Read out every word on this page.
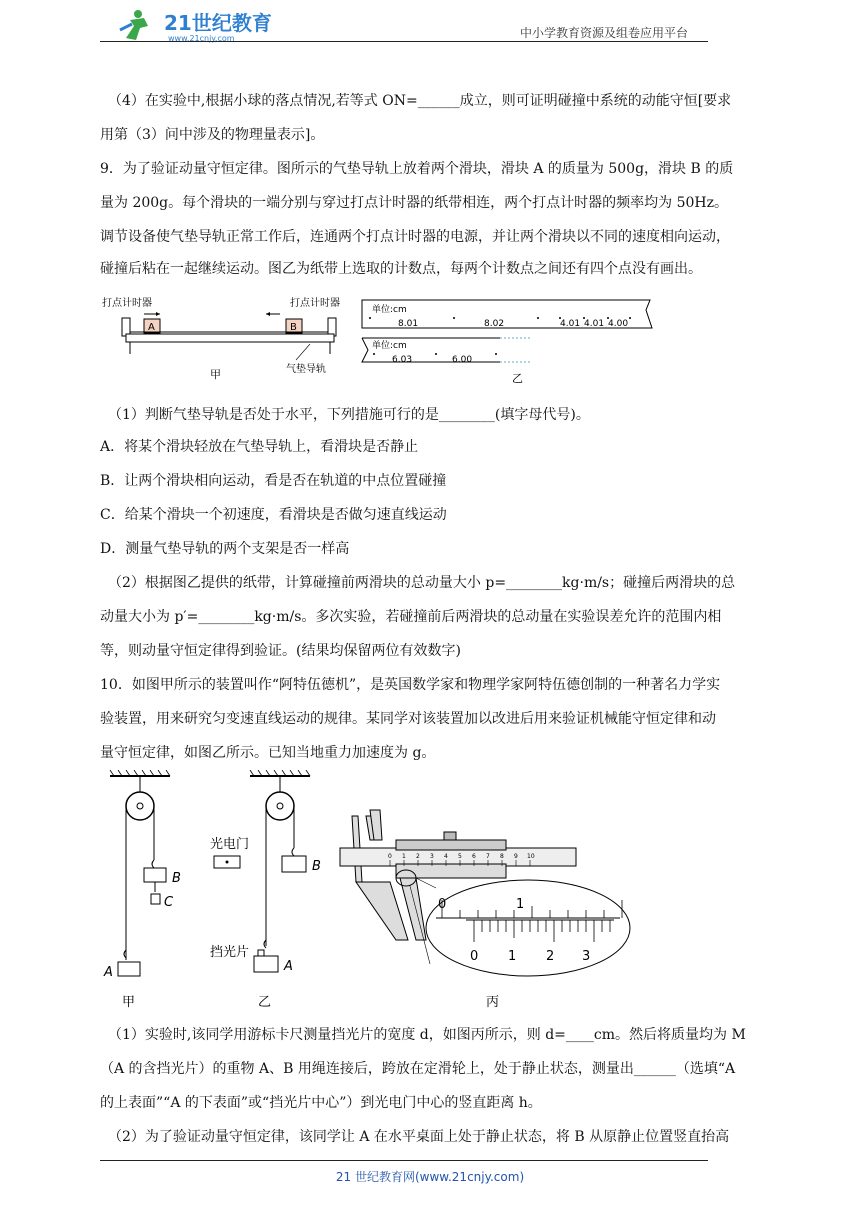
21世纪教育
www.21cnjy.com	中小学教育资源及组卷应用平台
（4）在实验中,根据小球的落点情况,若等式 ON=______成立，则可证明碰撞中系统的动能守恒[要求
用第（3）问中涉及的物理量表示]。
9．为了验证动量守恒定律。图所示的气垫导轨上放着两个滑块，滑块 A 的质量为 500g，滑块 B 的质
量为 200g。每个滑块的一端分别与穿过打点计时器的纸带相连，两个打点计时器的频率均为 50Hz。
调节设备使气垫导轨正常工作后，连通两个打点计时器的电源，并让两个滑块以不同的速度相向运动，
碰撞后粘在一起继续运动。图乙为纸带上选取的计数点，每两个计数点之间还有四个点没有画出。
打点计时器	打点计时器
A	B
气垫导轨
甲
单位:cm
8.01	8.02	4.01 4.01 4.00
单位:cm
6.03	6.00
乙
（1）判断气垫导轨是否处于水平，下列措施可行的是________(填字母代号)。
A．将某个滑块轻放在气垫导轨上，看滑块是否静止
B．让两个滑块相向运动，看是否在轨道的中点位置碰撞
C．给某个滑块一个初速度，看滑块是否做匀速直线运动
D．测量气垫导轨的两个支架是否一样高
（2）根据图乙提供的纸带，计算碰撞前两滑块的总动量大小 p=________kg·m/s；碰撞后两滑块的总
动量大小为 p′=________kg·m/s。多次实验，若碰撞前后两滑块的总动量在实验误差允许的范围内相
等，则动量守恒定律得到验证。(结果均保留两位有效数字)
10．如图甲所示的装置叫作“阿特伍德机”，是英国数学家和物理学家阿特伍德创制的一种著名力学实
验装置，用来研究匀变速直线运动的规律。某同学对该装置加以改进后用来验证机械能守恒定律和动
量守恒定律，如图乙所示。已知当地重力加速度为 g。
B
C
A
甲
B
光电门
A
挡光片
乙
0 1 2 3 4 5 6 7 8 9 10
0	1
0 1 2 3
丙
（1）实验时,该同学用游标卡尺测量挡光片的宽度 d，如图丙所示，则 d=____cm。然后将质量均为 M
（A 的含挡光片）的重物 A、B 用绳连接后，跨放在定滑轮上，处于静止状态，测量出______（选填“A
的上表面”“A 的下表面”或“挡光片中心”）到光电门中心的竖直距离 h。
（2）为了验证动量守恒定律，该同学让 A 在水平桌面上处于静止状态，将 B 从原静止位置竖直抬高
21 世纪教育网(www.21cnjy.com)
